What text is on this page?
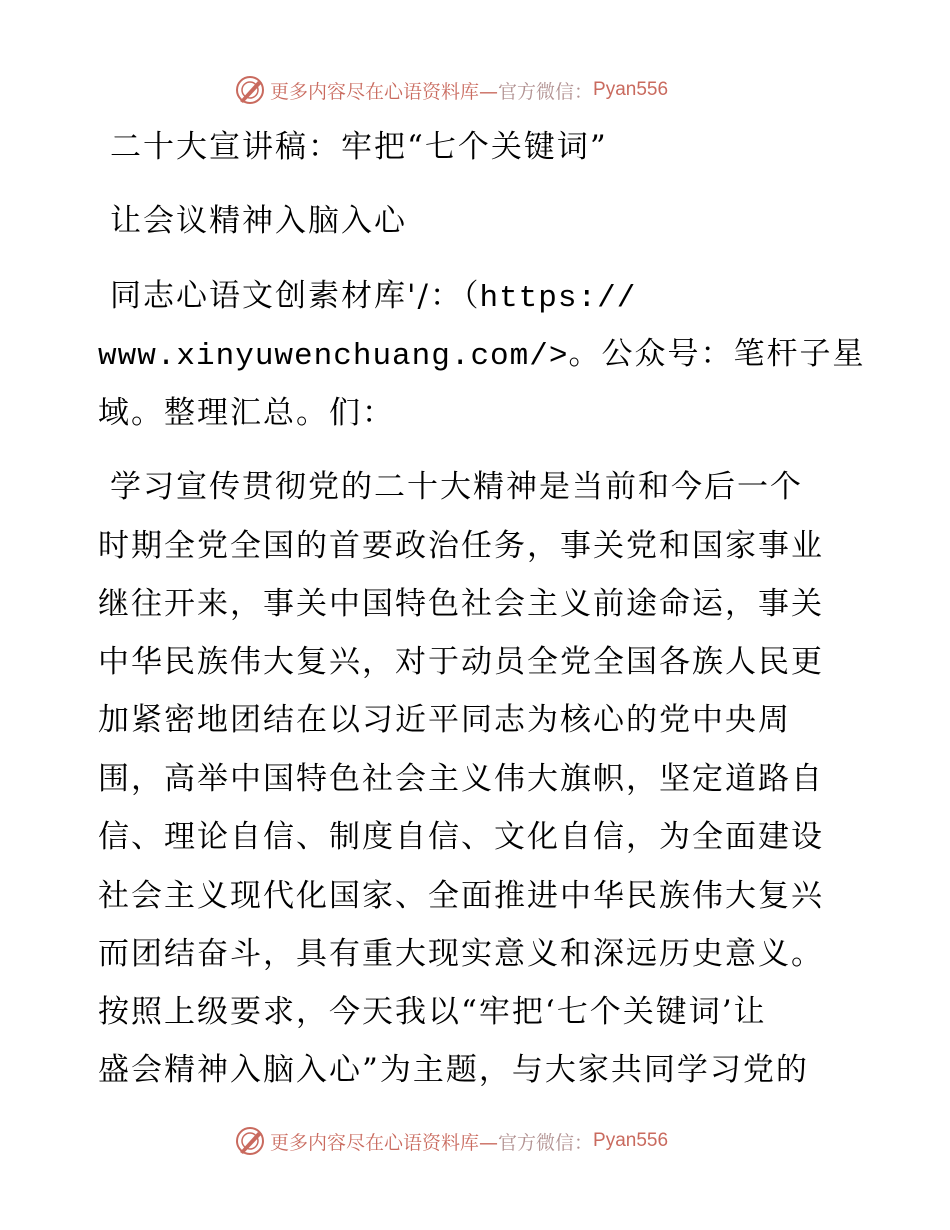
更多内容尽在心语资料库— 官方微信： Pyan556
二十大宣讲稿：牢把“七个关键词”
让会议精神入脑入心
同志心语文创素材库'/：（https://
www.xinyuwenchuang.com/>。公众号：笔杆子星
域。整理汇总。们：
学习宣传贯彻党的二十大精神是当前和今后一个
时期全党全国的首要政治任务，事关党和国家事业
继往开来，事关中国特色社会主义前途命运，事关
中华民族伟大复兴，对于动员全党全国各族人民更
加紧密地团结在以习近平同志为核心的党中央周
围，高举中国特色社会主义伟大旗帜，坚定道路自
信、理论自信、制度自信、文化自信，为全面建设
社会主义现代化国家、全面推进中华民族伟大复兴
而团结奋斗，具有重大现实意义和深远历史意义。
按照上级要求，今天我以“牢把‘七个关键词’让
盛会精神入脑入心”为主题，与大家共同学习党的
更多内容尽在心语资料库— 官方微信： Pyan556
